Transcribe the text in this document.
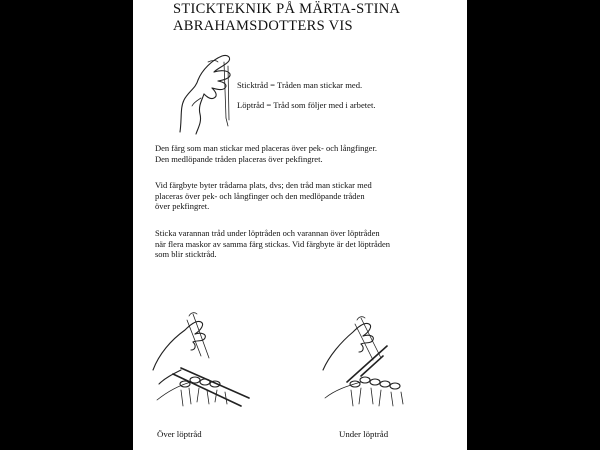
STICKTEKNIK PÅ MÄRTA-STINA
ABRAHAMSDOTTERS VIS
Sticktråd = Tråden man stickar med.
Löptråd = Tråd som följer med i arbetet.
Den färg som man stickar med placeras över pek- och långfinger.
Den medlöpande tråden placeras över pekfingret.
Vid färgbyte byter trådarna plats, dvs; den tråd man stickar med
placeras över pek- och långfinger och den medlöpande tråden
över pekfingret.
Sticka varannan tråd under löptråden och varannan över löptråden
när flera maskor av samma färg stickas. Vid färgbyte är det löptråden
som blir sticktråd.
Över löptråd	Under löptråd
